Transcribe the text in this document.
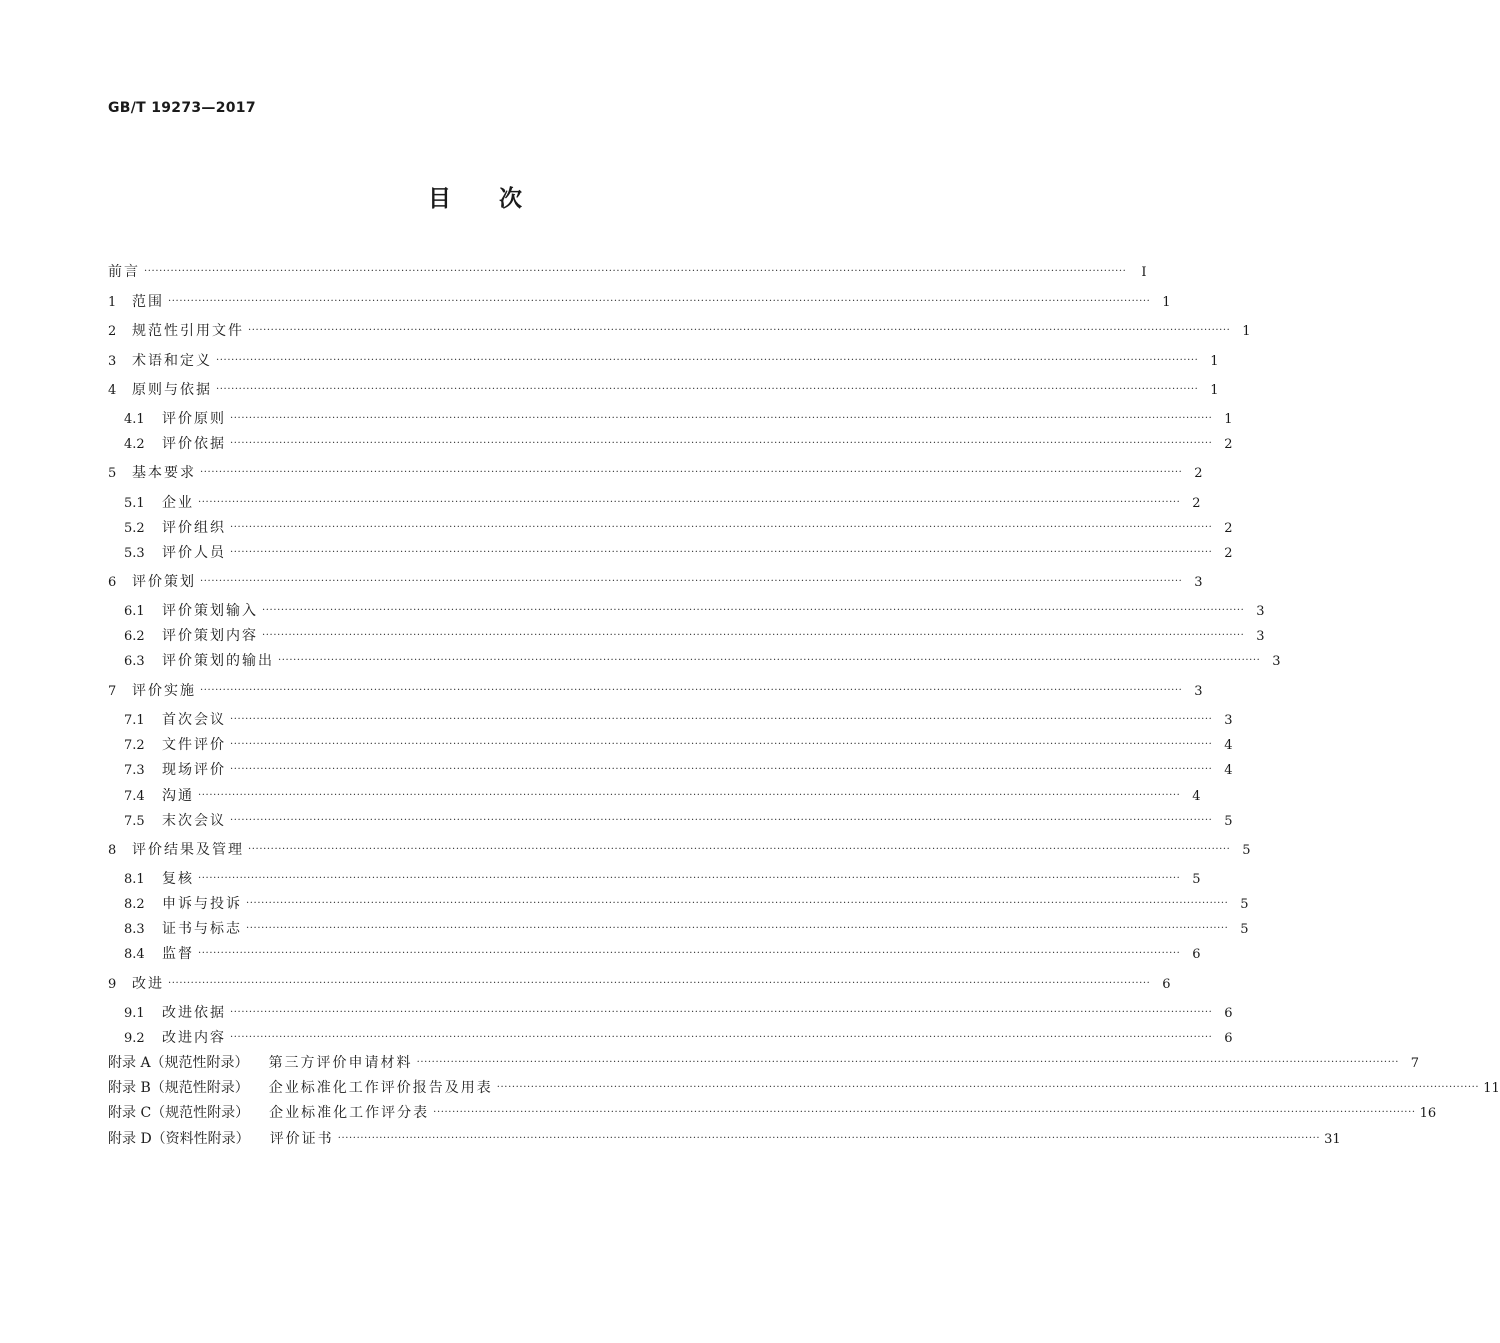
GB/T 19273—2017
目次
前言 ····································································································································································································································································	Ⅰ
1	范围 ···································································································································································································································································· 1
2	规范性引用文件 ···································································································································································································································································· 1
3	术语和定义 ···································································································································································································································································· 1
4	原则与依据 ···································································································································································································································································· 1
4.1	评价原则 ···································································································································································································································································· 1
4.2	评价依据 ···································································································································································································································································· 2
5	基本要求 ···································································································································································································································································· 2
5.1	企业 ···································································································································································································································································· 2
5.2	评价组织 ···································································································································································································································································· 2
5.3	评价人员 ···································································································································································································································································· 2
6	评价策划 ···································································································································································································································································· 3
6.1	评价策划输入 ···································································································································································································································································· 3
6.2	评价策划内容 ···································································································································································································································································· 3
6.3	评价策划的输出 ···································································································································································································································································· 3
7	评价实施 ···································································································································································································································································· 3
7.1	首次会议 ···································································································································································································································································· 3
7.2	文件评价 ···································································································································································································································································· 4
7.3	现场评价 ···································································································································································································································································· 4
7.4	沟通 ···································································································································································································································································· 4
7.5	末次会议 ···································································································································································································································································· 5
8	评价结果及管理 ···································································································································································································································································· 5
8.1	复核 ···································································································································································································································································· 5
8.2	申诉与投诉 ···································································································································································································································································· 5
8.3	证书与标志 ···································································································································································································································································· 5
8.4	监督 ···································································································································································································································································· 6
9	改进 ···································································································································································································································································· 6
9.1	改进依据 ···································································································································································································································································· 6
9.2	改进内容 ···································································································································································································································································· 6
附录 A（规范性附录） 第三方评价申请材料 ···································································································································································································································································· 7
附录 B（规范性附录） 企业标准化工作评价报告及用表 ···································································································································································································································································· 11
附录 C（规范性附录） 企业标准化工作评分表 ···································································································································································································································································· 16
附录 D（资料性附录） 评价证书 ···································································································································································································································································· 31
